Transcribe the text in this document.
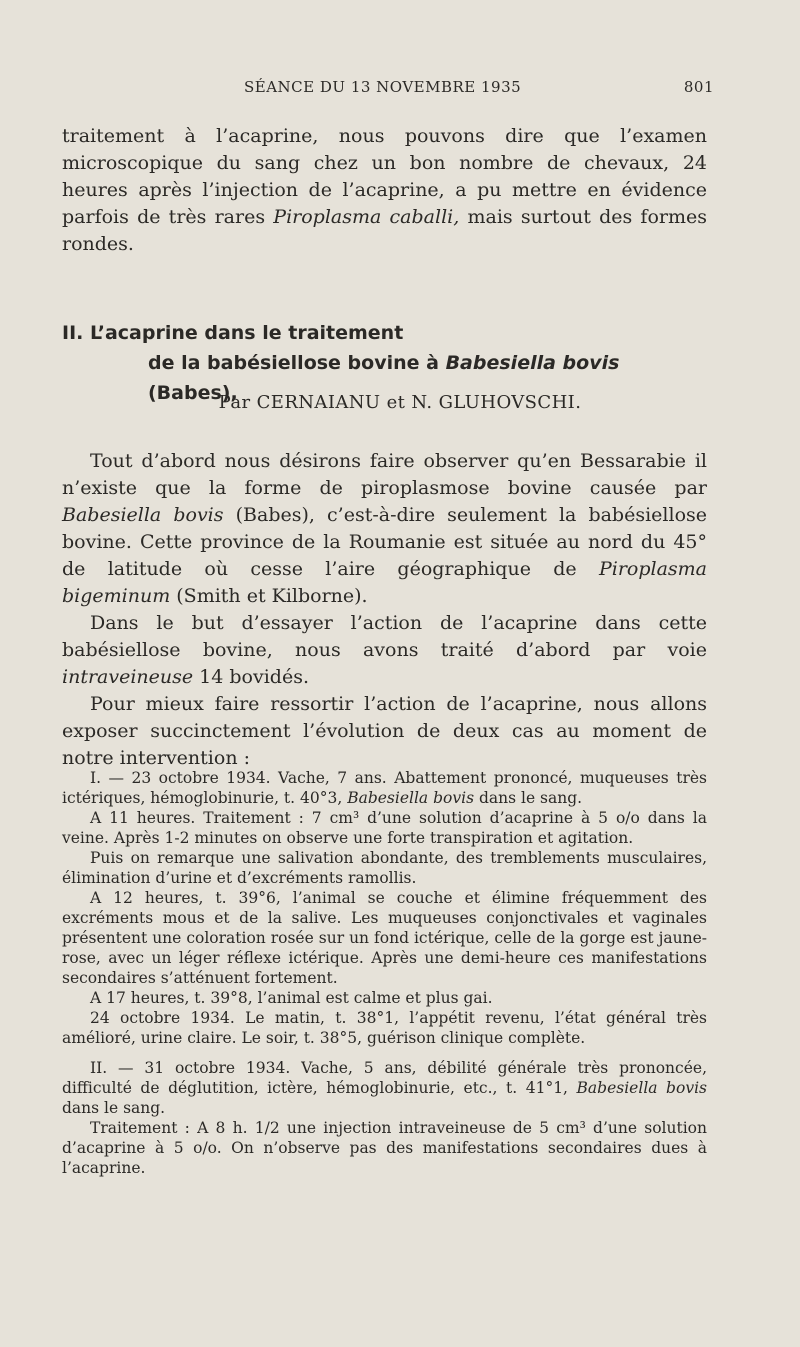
SÉANCE DU 13 NOVEMBRE 1935	801

traitement à l’acaprine, nous pouvons dire que l’examen microscopique du sang chez un bon nombre de chevaux, 24 heures après l’injection de l’acaprine, a pu mettre en évidence parfois de très rares Piroplasma caballi, mais surtout des formes rondes.

II. L’acaprine dans le traitement
de la babésiellose bovine à Babesiella bovis (Babes),
Par CERNAIANU et N. GLUHOVSCHI.

Tout d’abord nous désirons faire observer qu’en Bessarabie il n’existe que la forme de piroplasmose bovine causée par Babesiella bovis (Babes), c’est-à-dire seulement la babésiellose bovine. Cette province de la Roumanie est située au nord du 45° de latitude où cesse l’aire géographique de Piroplasma bigeminum (Smith et Kilborne).

Dans le but d’essayer l’action de l’acaprine dans cette babésiellose bovine, nous avons traité d’abord par voie intraveineuse 14 bovidés.

Pour mieux faire ressortir l’action de l’acaprine, nous allons exposer succinctement l’évolution de deux cas au moment de notre intervention :

I. — 23 octobre 1934. Vache, 7 ans. Abattement prononcé, muqueuses très ictériques, hémoglobinurie, t. 40°3, Babesiella bovis dans le sang.

A 11 heures. Traitement : 7 cm³ d’une solution d’acaprine à 5 o/o dans la veine. Après 1-2 minutes on observe une forte transpiration et agitation.

Puis on remarque une salivation abondante, des tremblements musculaires, élimination d’urine et d’excréments ramollis.

A 12 heures, t. 39°6, l’animal se couche et élimine fréquemment des excréments mous et de la salive. Les muqueuses conjonctivales et vaginales présentent une coloration rosée sur un fond ictérique, celle de la gorge est jaune-rose, avec un léger réflexe ictérique. Après une demi-heure ces manifestations secondaires s’atténuent fortement.

A 17 heures, t. 39°8, l’animal est calme et plus gai.

24 octobre 1934. Le matin, t. 38°1, l’appétit revenu, l’état général très amélioré, urine claire. Le soir, t. 38°5, guérison clinique complète.

II. — 31 octobre 1934. Vache, 5 ans, débilité générale très prononcée, difficulté de déglutition, ictère, hémoglobinurie, etc., t. 41°1, Babesiella bovis dans le sang.

Traitement : A 8 h. 1/2 une injection intraveineuse de 5 cm³ d’une solution d’acaprine à 5 o/o. On n’observe pas des manifestations secondaires dues à l’acaprine.
